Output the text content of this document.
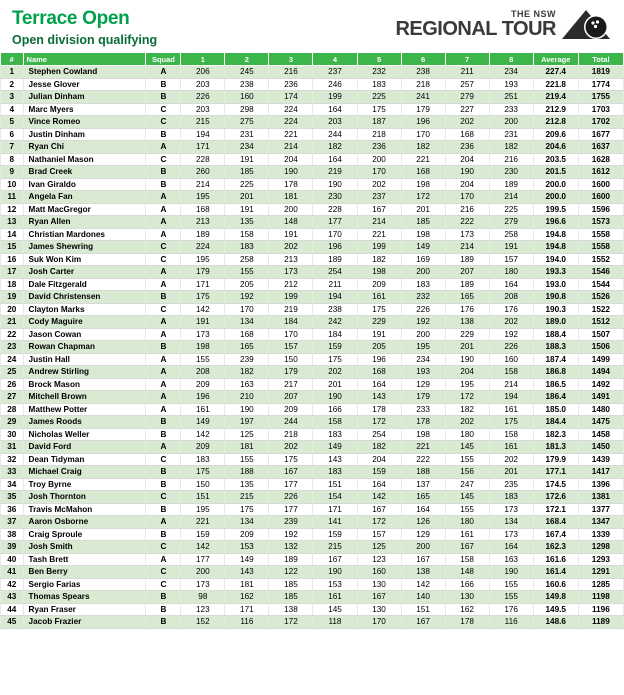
Terrace Open
Open division qualifying
THE NSW
REGIONAL TOUR
#	Name	Squad	1	2	3	4	5	6	7	8	Average	Total
1	Stephen Cowland	A	206	245	216	237	232	238	211	234	227.4	1819
2	Jesse Glover	B	203	238	236	246	183	218	257	193	221.8	1774
3	Julian Dinham	B	226	160	174	199	225	241	279	251	219.4	1755
4	Marc Myers	C	203	298	224	164	175	179	227	233	212.9	1703
5	Vince Romeo	C	215	275	224	203	187	196	202	200	212.8	1702
6	Justin Dinham	B	194	231	221	244	218	170	168	231	209.6	1677
7	Ryan Chi	A	171	234	214	182	236	182	236	182	204.6	1637
8	Nathaniel Mason	C	228	191	204	164	200	221	204	216	203.5	1628
9	Brad Creek	B	260	185	190	219	170	168	190	230	201.5	1612
10	Ivan Giraldo	B	214	225	178	190	202	198	204	189	200.0	1600
11	Angela Fan	A	195	201	181	230	237	172	170	214	200.0	1600
12	Matt MacGregor	A	168	191	200	228	167	201	216	225	199.5	1596
13	Ryan Allen	A	213	135	148	177	214	185	222	279	196.6	1573
14	Christian Mardones	A	189	158	191	170	221	198	173	258	194.8	1558
15	James Shewring	C	224	183	202	196	199	149	214	191	194.8	1558
16	Suk Won Kim	C	195	258	213	189	182	169	189	157	194.0	1552
17	Josh Carter	A	179	155	173	254	198	200	207	180	193.3	1546
18	Dale Fitzgerald	A	171	205	212	211	209	183	189	164	193.0	1544
19	David Christensen	B	175	192	199	194	161	232	165	208	190.8	1526
20	Clayton Marks	C	142	170	219	238	175	226	176	176	190.3	1522
21	Cody Maguire	A	191	134	184	242	229	192	138	202	189.0	1512
22	Jason Cowan	A	173	168	170	184	191	200	229	192	188.4	1507
23	Rowan Chapman	B	198	165	157	159	205	195	201	226	188.3	1506
24	Justin Hall	A	155	239	150	175	196	234	190	160	187.4	1499
25	Andrew Stirling	A	208	182	179	202	168	193	204	158	186.8	1494
26	Brock Mason	A	209	163	217	201	164	129	195	214	186.5	1492
27	Mitchell Brown	A	196	210	207	190	143	179	172	194	186.4	1491
28	Matthew Potter	A	161	190	209	166	178	233	182	161	185.0	1480
29	James Roods	B	149	197	244	158	172	178	202	175	184.4	1475
30	Nicholas Weller	B	142	125	218	183	254	198	180	158	182.3	1458
31	David Ford	A	209	181	202	149	182	221	145	161	181.3	1450
32	Dean Tidyman	C	183	155	175	143	204	222	155	202	179.9	1439
33	Michael Craig	B	175	188	167	183	159	188	156	201	177.1	1417
34	Troy Byrne	B	150	135	177	151	164	137	247	235	174.5	1396
35	Josh Thornton	C	151	215	226	154	142	165	145	183	172.6	1381
36	Travis McMahon	B	195	175	177	171	167	164	155	173	172.1	1377
37	Aaron Osborne	A	221	134	239	141	172	126	180	134	168.4	1347
38	Craig Sproule	B	159	209	192	159	157	129	161	173	167.4	1339
39	Josh Smith	C	142	153	132	215	125	200	167	164	162.3	1298
40	Tash Brett	A	177	149	189	167	123	167	158	163	161.6	1293
41	Ben Berry	C	200	143	122	190	160	138	148	190	161.4	1291
42	Sergio Farias	C	173	181	185	153	130	142	166	155	160.6	1285
43	Thomas Spears	B	98	162	185	161	167	140	130	155	149.8	1198
44	Ryan Fraser	B	123	171	138	145	130	151	162	176	149.5	1196
45	Jacob Frazier	B	152	116	172	118	170	167	178	116	148.6	1189
